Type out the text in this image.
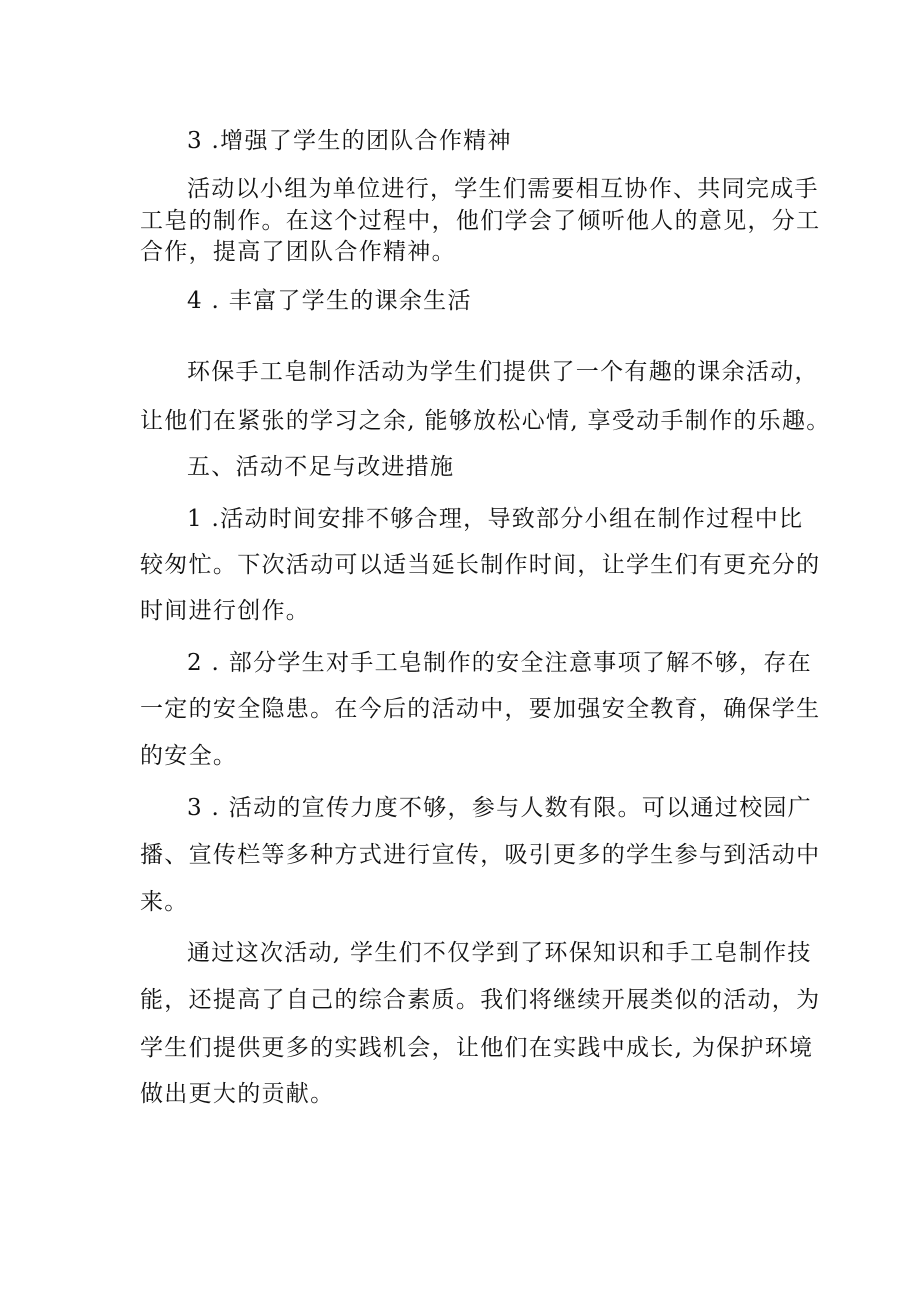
3 .增强了学生的团队合作精神

活动以小组为单位进行，学生们需要相互协作、共同完成手

工皂的制作。在这个过程中，他们学会了倾听他人的意见，分工

合作，提高了团队合作精神。

4 . 丰富了学生的课余生活

环保手工皂制作活动为学生们提供了一个有趣的课余活动，

让他们在紧张的学习之余, 能够放松心情, 享受动手制作的乐趣。

五、活动不足与改进措施

1 .活动时间安排不够合理，导致部分小组在制作过程中比

较匆忙。下次活动可以适当延长制作时间，让学生们有更充分的

时间进行创作。

2 . 部分学生对手工皂制作的安全注意事项了解不够，存在

一定的安全隐患。在今后的活动中，要加强安全教育，确保学生

的安全。

3 . 活动的宣传力度不够，参与人数有限。可以通过校园广

播、宣传栏等多种方式进行宣传，吸引更多的学生参与到活动中

来。

通过这次活动, 学生们不仅学到了环保知识和手工皂制作技

能，还提高了自己的综合素质。我们将继续开展类似的活动，为

学生们提供更多的实践机会，让他们在实践中成长, 为保护环境

做出更大的贡献。
